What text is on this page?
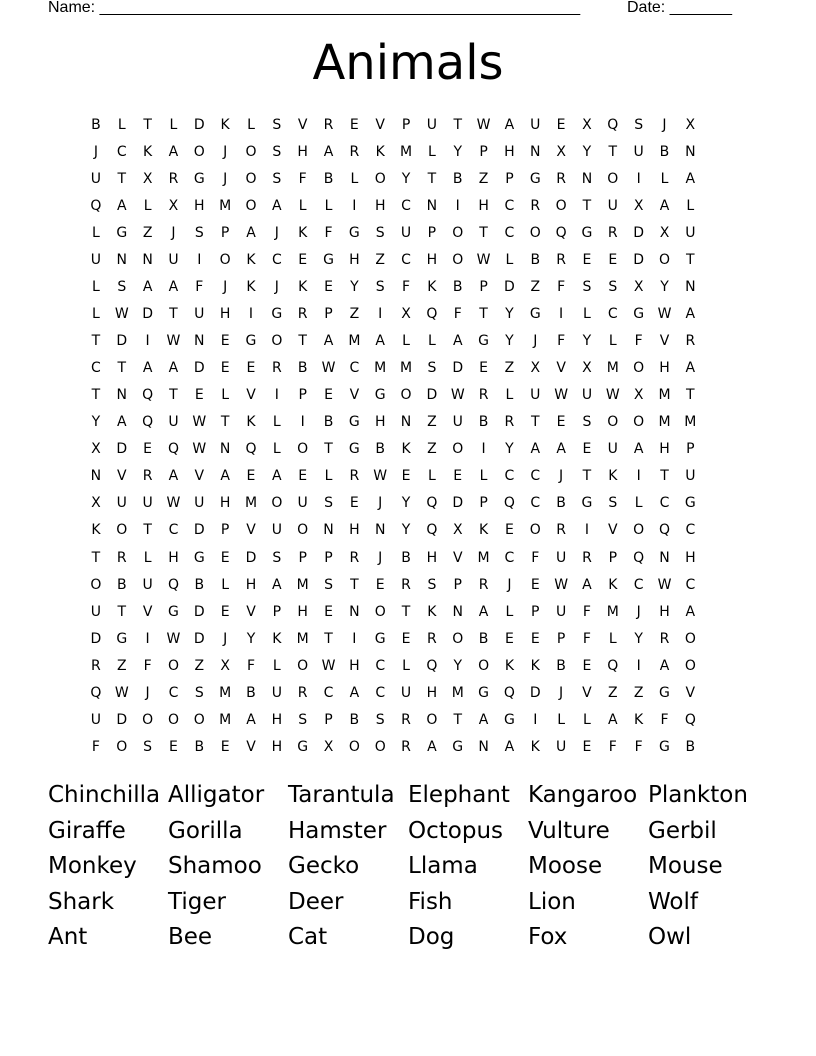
Name: ______________________________________________________	Date: _______
Animals
B	L	T	L	D	K	L	S	V	R	E	V	P	U	T	W	A	U	E	X	Q	S	J	X
J	C	K	A	O	J	O	S	H	A	R	K	M	L	Y	P	H	N	X	Y	T	U	B	N
U	T	X	R	G	J	O	S	F	B	L	O	Y	T	B	Z	P	G	R	N	O	I	L	A
Q	A	L	X	H	M	O	A	L	L	I	H	C	N	I	H	C	R	O	T	U	X	A	L
L	G	Z	J	S	P	A	J	K	F	G	S	U	P	O	T	C	O	Q	G	R	D	X	U
U	N	N	U	I	O	K	C	E	G	H	Z	C	H	O W	L	B	R	E	E	D	O	T
L	S	A	A	F	J	K	J	K	E	Y	S	F	K	B	P	D	Z	F	S	S	X	Y	N
L	W D	T	U	H	I	G	R	P	Z	I	X	Q	F	T	Y	G	I	L	C	G W	A
T	D	I	W N	E	G	O	T	A	M	A	L	L	A	G	Y	J	F	Y	L	F	V	R
C	T	A	A	D	E	E	R	B	W	C	M M	S	D	E	Z	X	V	X	M	O	H	A
T	N	Q	T	E	L	V	I	P	E	V	G	O	D W	R	L	U W U W	X	M	T
Y	A	Q	U W	T	K	L	I	B	G	H	N	Z	U	B	R	T	E	S	O	O	M M
X	D	E	Q W N	Q	L	O	T	G	B	K	Z	O	I	Y	A	A	E	U	A	H	P
N	V	R	A	V	A	E	A	E	L	R	W	E	L	E	L	C	C	J	T	K	I	T	U
X	U	U W U	H	M	O	U	S	E	J	Y	Q	D	P	Q	C	B	G	S	L	C	G
K	O	T	C	D	P	V	U	O	N	H	N	Y	Q	X	K	E	O	R	I	V	O	Q	C
T	R	L	H	G	E	D	S	P	P	R	J	B	H	V	M	C	F	U	R	P	Q	N	H
O	B	U	Q	B	L	H	A	M	S	T	E	R	S	P	R	J	E	W	A	K	C	W	C
U	T	V	G	D	E	V	P	H	E	N	O	T	K	N	A	L	P	U	F	M	J	H	A
D	G	I	W D	J	Y	K	M	T	I	G	E	R	O	B	E	E	P	F	L	Y	R	O
R	Z	F	O	Z	X	F	L	O W H	C	L	Q	Y	O	K	K	B	E	Q	I	A	O
Q W	J	C	S	M	B	U	R	C	A	C	U	H	M	G	Q	D	J	V	Z	Z	G	V
U	D	O	O	O	M	A	H	S	P	B	S	R	O	T	A	G	I	L	L	A	K	F	Q
F	O	S	E	B	E	V	H	G	X	O	O	R	A	G	N	A	K	U	E	F	F	G	B
Chinchilla Alligator	Tarantula Elephant Kangaroo Plankton
Giraffe	Gorilla	Hamster Octopus	Vulture	Gerbil
Monkey	Shamoo	Gecko	Llama	Moose	Mouse
Shark	Tiger	Deer	Fish	Lion	Wolf
Ant	Bee	Cat	Dog	Fox	Owl
